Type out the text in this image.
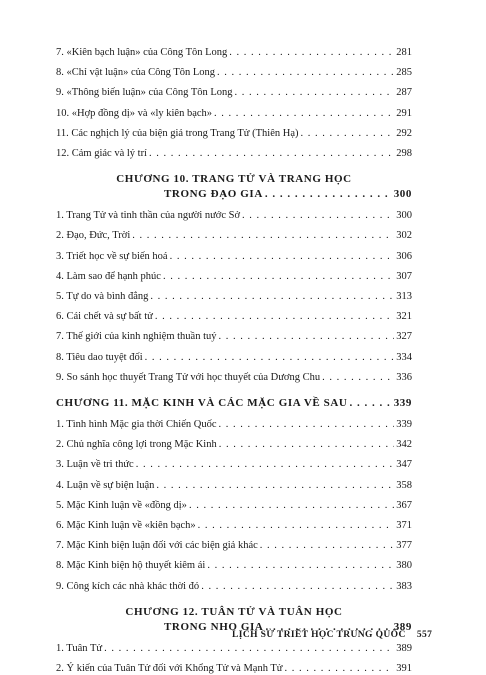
7. «Kiên bạch luận» của Công Tôn Long . . .	281
8. «Chỉ vật luận» của Công Tôn Long . . .	285
9. «Thông biến luận» của Công Tôn Long . . .	287
10. «Hợp đồng dị» và «ly kiên bạch» . . .	291
11. Các nghịch lý của biện giả trong Trang Tử (Thiên Hạ) . . .	292
12. Cảm giác và lý trí . . .	298
CHƯƠNG 10. TRANG TỬ VÀ TRANG HỌC
TRONG ĐẠO GIA . . .	300
1. Trang Tử và tinh thần của người nước Sở . . .	300
2. Đạo, Đức, Trời . . .	302
3. Triết học về sự biến hoá . . .	306
4. Làm sao để hạnh phúc . . .	307
5. Tự do và bình đẳng . . .	313
6. Cái chết và sự bất tử . . .	321
7. Thế giới của kinh nghiệm thuần tuý . . .	327
8. Tiêu dao tuyệt đối . . .	334
9. So sánh học thuyết Trang Tử với học thuyết của Dương Chu . . .	336
CHƯƠNG 11. MẶC KINH VÀ CÁC MẶC GIA VỀ SAU . . .	339
1. Tình hình Mặc gia thời Chiến Quốc . . .	339
2. Chủ nghĩa công lợi trong Mặc Kinh . . .	342
3. Luận về tri thức . . .	347
4. Luận về sự biện luận . . .	358
5. Mặc Kinh luận về «đồng dị» . . .	367
6. Mặc Kinh luận về «kiên bạch» . . .	371
7. Mặc Kinh biện luận đối với các biện giả khác . . .	377
8. Mặc Kinh biện hộ thuyết kiêm ái . . .	380
9. Công kích các nhà khác thời đó . . .	383
CHƯƠNG 12. TUÂN TỬ VÀ TUÂN HỌC
TRONG NHO GIA . . .	389
1. Tuân Tử . . .	389
2. Ý kiến của Tuân Tử đối với Khổng Tử và Mạnh Tử . . .	391
LỊCH SỬ TRIẾT HỌC TRUNG QUỐC 557
